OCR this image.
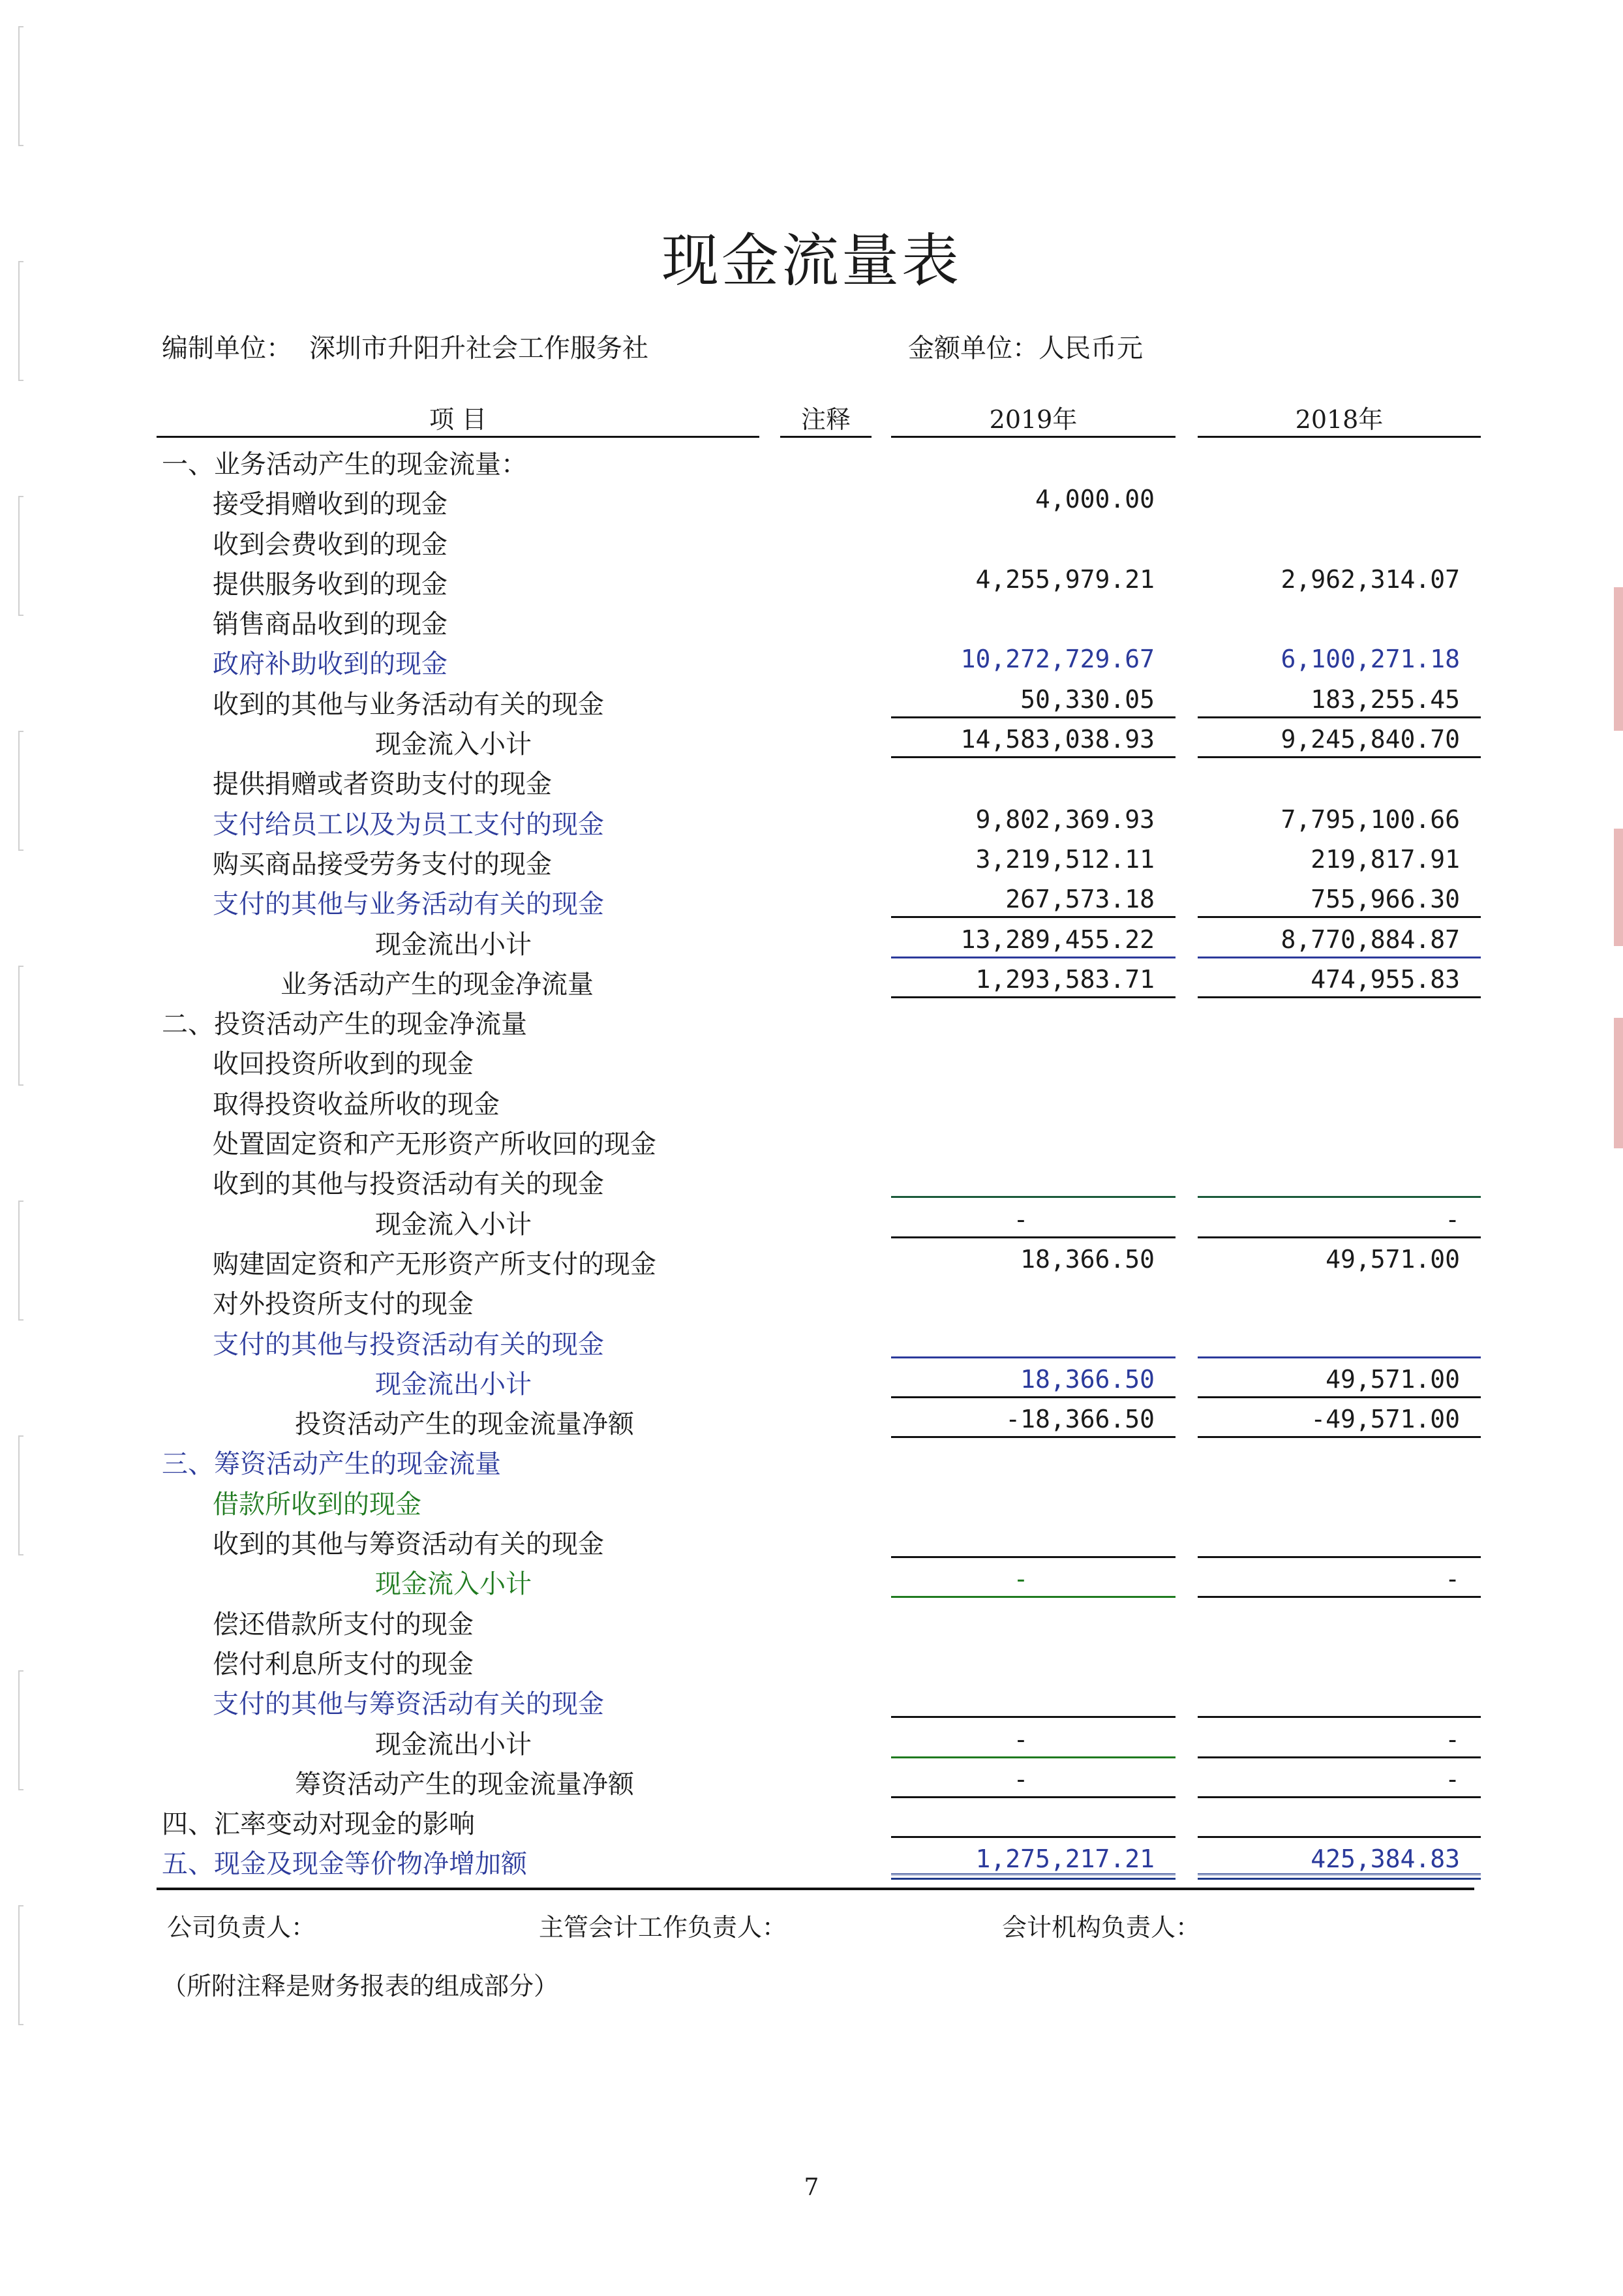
现金流量表
编制单位： 深圳市升阳升社会工作服务社	金额单位：人民币元
项 目	注释	2019年	2018年
一、业务活动产生的现金流量：
接受捐赠收到的现金	4,000.00
收到会费收到的现金
提供服务收到的现金	4,255,979.21	2,962,314.07
销售商品收到的现金
政府补助收到的现金	10,272,729.67	6,100,271.18
收到的其他与业务活动有关的现金	50,330.05	183,255.45
现金流入小计	14,583,038.93	9,245,840.70
提供捐赠或者资助支付的现金
支付给员工以及为员工支付的现金	9,802,369.93	7,795,100.66
购买商品接受劳务支付的现金	3,219,512.11	219,817.91
支付的其他与业务活动有关的现金	267,573.18	755,966.30
现金流出小计	13,289,455.22	8,770,884.87
业务活动产生的现金净流量	1,293,583.71	474,955.83
二、投资活动产生的现金净流量
收回投资所收到的现金
取得投资收益所收的现金
处置固定资和产无形资产所收回的现金
收到的其他与投资活动有关的现金
现金流入小计	-	-
购建固定资和产无形资产所支付的现金	18,366.50	49,571.00
对外投资所支付的现金
支付的其他与投资活动有关的现金
现金流出小计	18,366.50	49,571.00
投资活动产生的现金流量净额	-18,366.50	-49,571.00
三、筹资活动产生的现金流量
借款所收到的现金
收到的其他与筹资活动有关的现金
现金流入小计	-	-
偿还借款所支付的现金
偿付利息所支付的现金
支付的其他与筹资活动有关的现金
现金流出小计	-	-
筹资活动产生的现金流量净额	-	-
四、汇率变动对现金的影响
五、现金及现金等价物净增加额	1,275,217.21	425,384.83
公司负责人：	主管会计工作负责人：	会计机构负责人：
（所附注释是财务报表的组成部分）
7
